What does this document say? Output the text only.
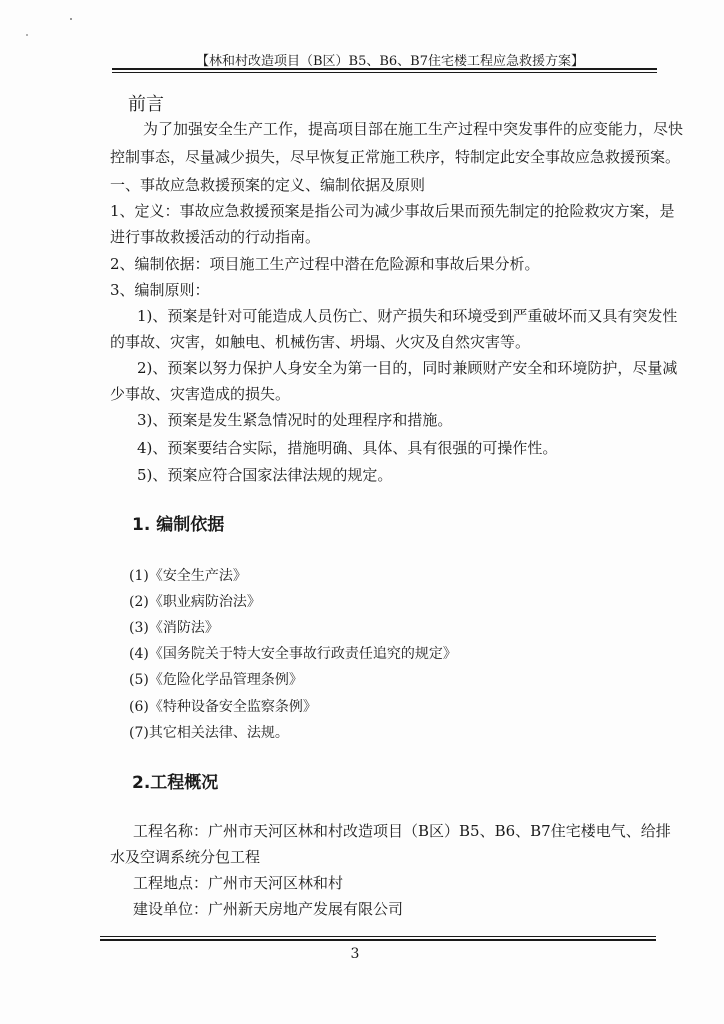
【林和村改造项目（B区）B5、B6、B7住宅楼工程应急救援方案】
前言
为了加强安全生产工作，提高项目部在施工生产过程中突发事件的应变能力，尽快
控制事态，尽量减少损失，尽早恢复正常施工秩序，特制定此安全事故应急救援预案。
一、事故应急救援预案的定义、编制依据及原则
1、定义：事故应急救援预案是指公司为减少事故后果而预先制定的抢险救灾方案，是
进行事故救援活动的行动指南。
2、编制依据：项目施工生产过程中潜在危险源和事故后果分析。
3、编制原则：
1)、预案是针对可能造成人员伤亡、财产损失和环境受到严重破坏而又具有突发性
的事故、灾害，如触电、机械伤害、坍塌、火灾及自然灾害等。
2)、预案以努力保护人身安全为第一目的，同时兼顾财产安全和环境防护，尽量减
少事故、灾害造成的损失。
3)、预案是发生紧急情况时的处理程序和措施。
4)、预案要结合实际，措施明确、具体、具有很强的可操作性。
5)、预案应符合国家法律法规的规定。
1. 编制依据
(1)《安全生产法》
(2)《职业病防治法》
(3)《消防法》
(4)《国务院关于特大安全事故行政责任追究的规定》
(5)《危险化学品管理条例》
(6)《特种设备安全监察条例》
(7)其它相关法律、法规。
2.工程概况
工程名称：广州市天河区林和村改造项目（B区）B5、B6、B7住宅楼电气、给排
水及空调系统分包工程
工程地点：广州市天河区林和村
建设单位：广州新天房地产发展有限公司
3
